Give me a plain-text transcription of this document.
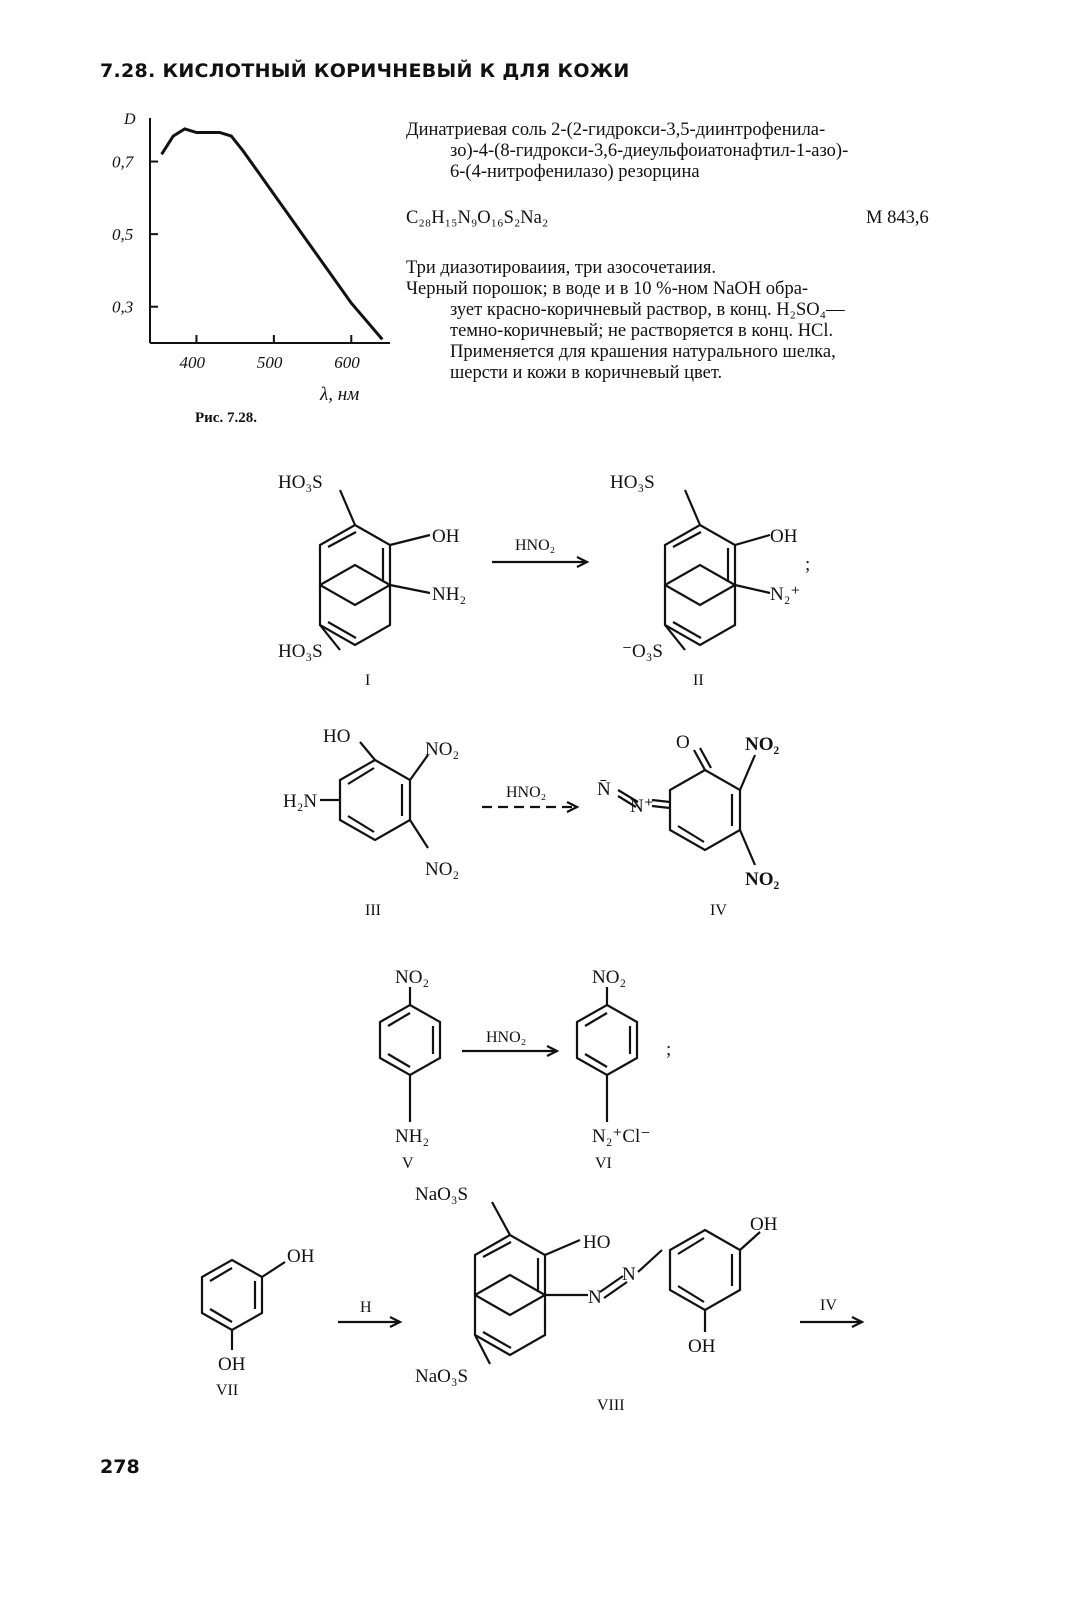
7.28. КИСЛОТНЫЙ КОРИЧНЕВЫЙ К ДЛЯ КОЖИ
D
0,7
0,5
0,3
400	500	600
λ, нм
Рис. 7.28.
Динатриевая соль 2-(2-гидрокси-3,5-диинтрофенила-
зо)-4-(8-гидрокси-3,6-диеульфоиатонафтил-1-азо)-
6-(4-нитрофенилазо) резорцина
C₂₈H₁₅N₉O₁₆S₂Na₂	М 843,6
Три диазотироваиия, три азосочетаиия.
Черный порошок; в воде и в 10 %-ном NaOH обра-
зует красно-коричневый раствор, в конц. H₂SO₄—
темно-коричневый; не растворяется в конц. HCl.
Применяется для крашения натурального шелка,
шерсти и кожи в коричневый цвет.
HO₃S
OH
NH₂
HO₃S
I
HNO₂
HO₃S
OH
N₂⁺
⁻O₃S
;
II
HO
NO₂
H₂N
NO₂
III
HNO₂
O	NO₂
N̄
N⁺
NO₂
IV
NO₂
NH₂
V
HNO₂
NO₂
N₂⁺Cl⁻
;
VI
OH
OH
VII
H
NaO₃S
HO
N
N
OH
OH
NaO₃S
VIII
IV
278
